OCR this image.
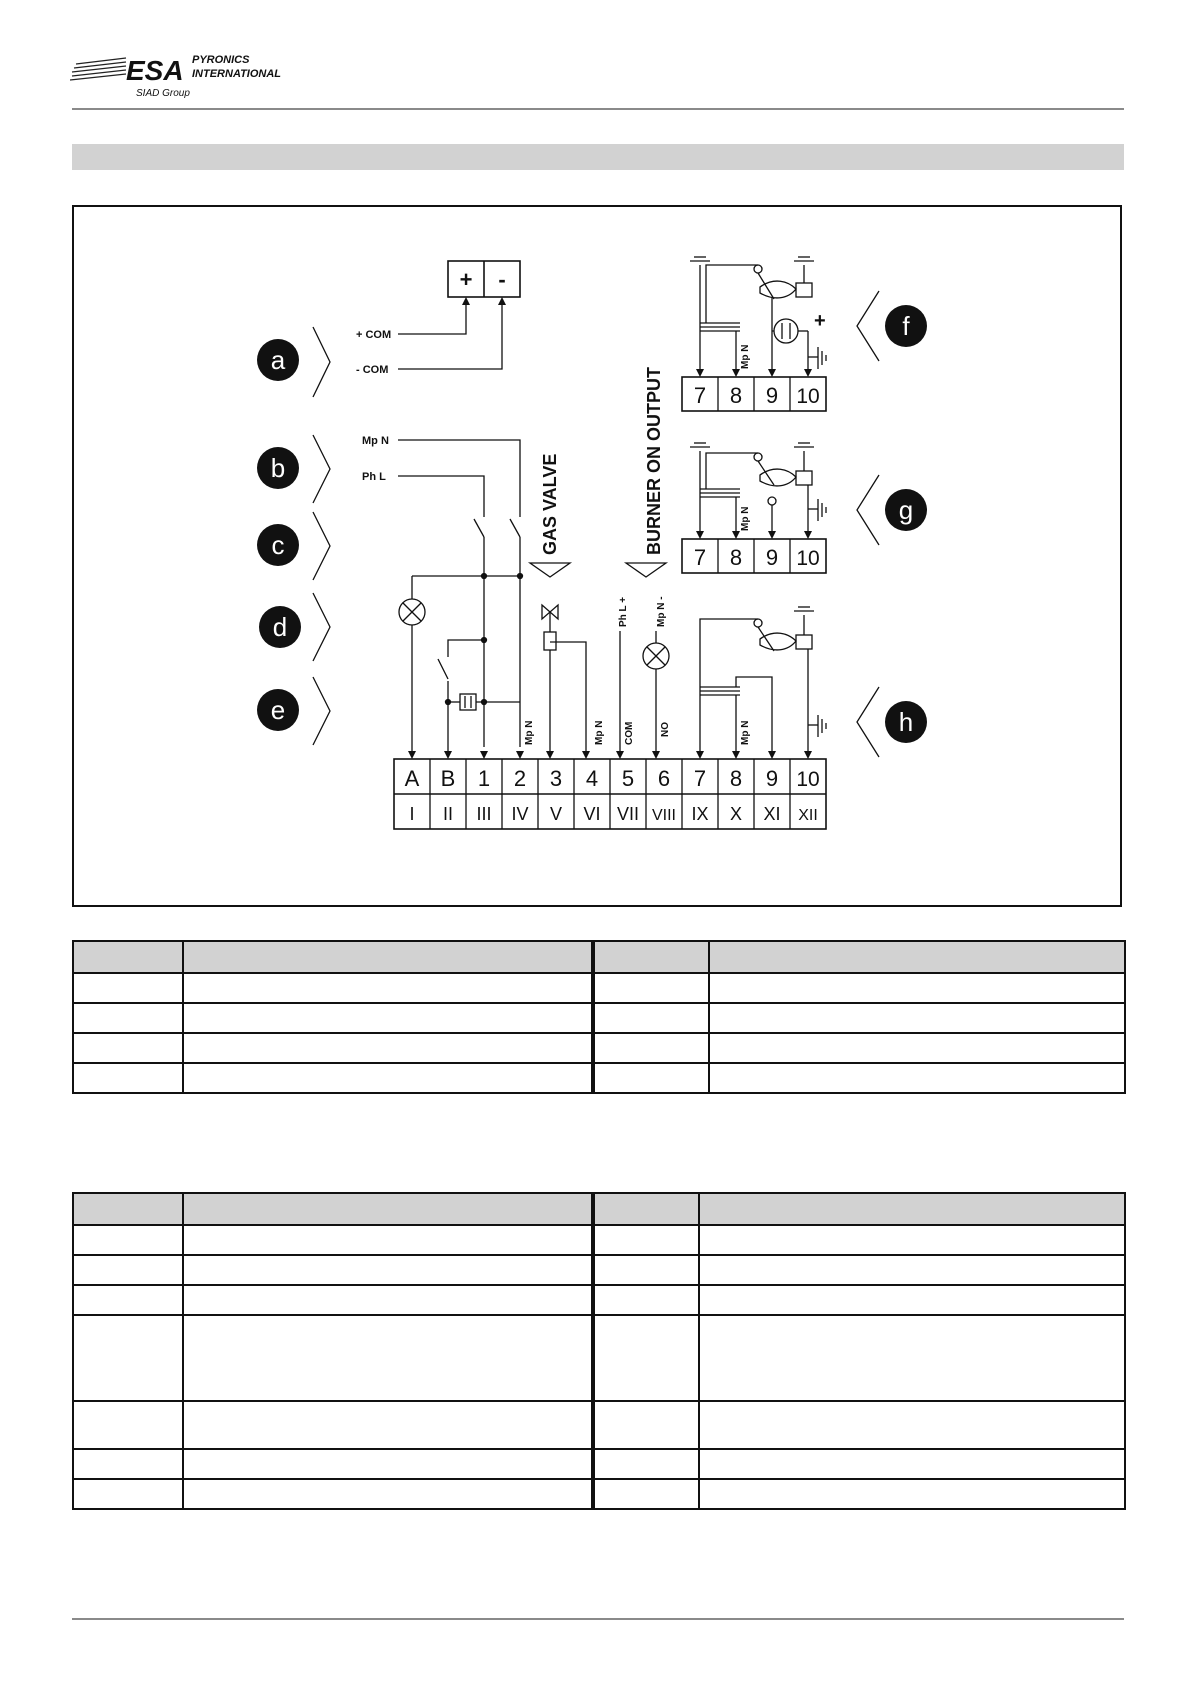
ESA PYRONICS
INTERNATIONAL
SIAD Group
a
b
c
d
e
f
g
h
+ -
+ COM
- COM
Mp N
Ph L
Mp N
GAS VALVE
Mp N
BURNER ON OUTPUT
Ph L +	Mp N -
COM	NO
A B 1 2 3 4 5 6 7 8 9 10
I II III IV V VI VII VIII IX X XI XII
7 8 9 10
+
Mp N
7 8 9 10
Mp N
Mp N
